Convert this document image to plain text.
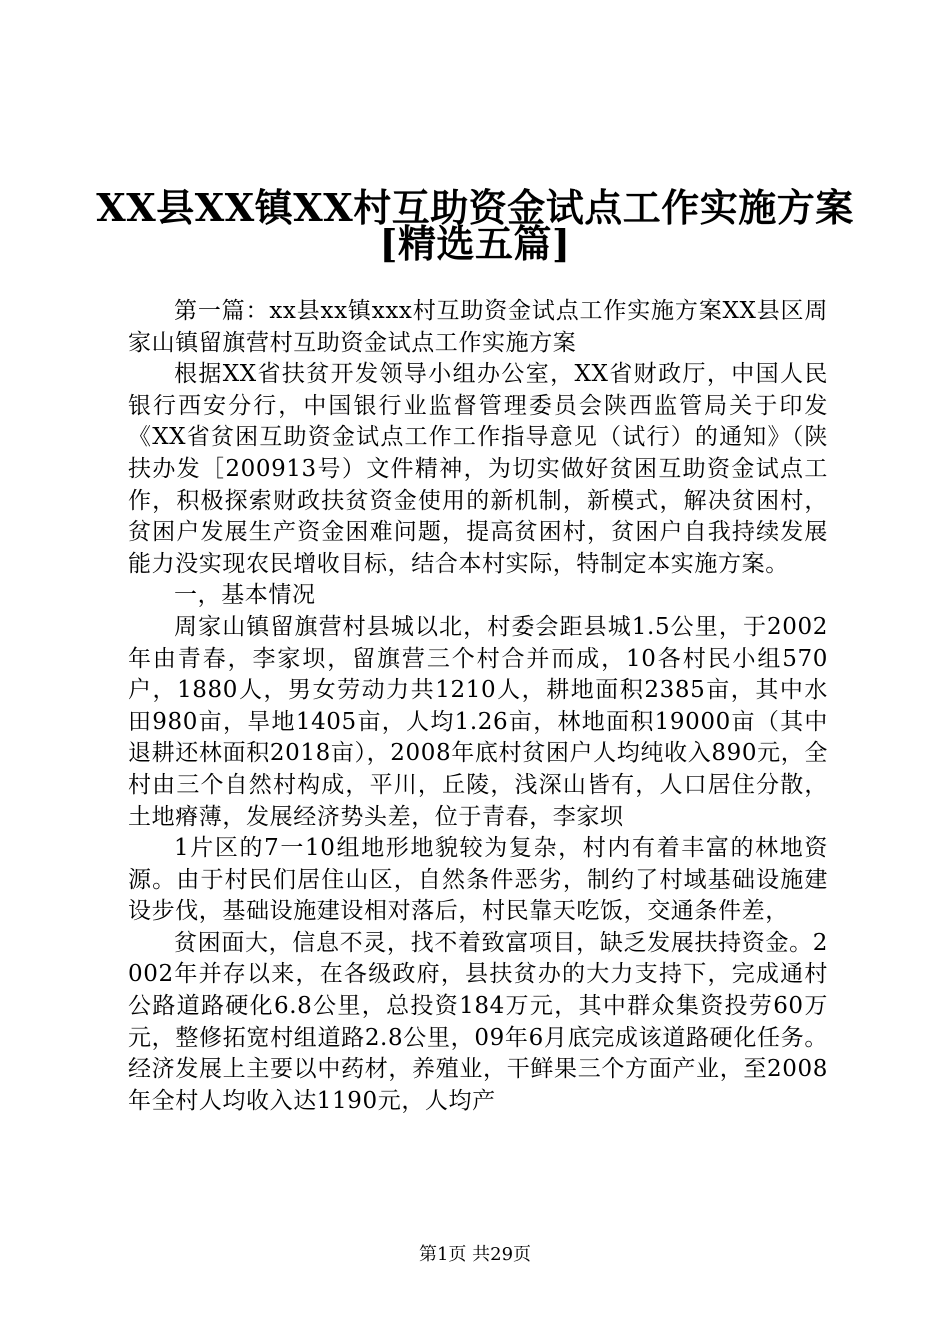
XX县XX镇XX村互助资金试点工作实施方案
[精选五篇]

第一篇：xx县xx镇xxx村互助资金试点工作实施方案XX县区周家山镇留旗营村互助资金试点工作实施方案

根据XX省扶贫开发领导小组办公室，XX省财政厅，中国人民银行西安分行，中国银行业监督管理委员会陕西监管局关于印发《XX省贫困互助资金试点工作工作指导意见（试行）的通知》（陕扶办发［200913号）文件精神，为切实做好贫困互助资金试点工作，积极探索财政扶贫资金使用的新机制，新模式，解决贫困村，贫困户发展生产资金困难问题，提高贫困村，贫困户自我持续发展能力没实现农民增收目标，结合本村实际，特制定本实施方案。

一，基本情况

周家山镇留旗营村县城以北，村委会距县城1.5公里，于2002年由青春，李家坝，留旗营三个村合并而成，10各村民小组570户，1880人，男女劳动力共1210人，耕地面积2385亩，其中水田980亩，旱地1405亩，人均1.26亩，林地面积19000亩（其中退耕还林面积2018亩），2008年底村贫困户人均纯收入890元，全村由三个自然村构成，平川，丘陵，浅深山皆有，人口居住分散，土地瘠薄，发展经济势头差，位于青春，李家坝

1片区的7一10组地形地貌较为复杂，村内有着丰富的林地资源。由于村民们居住山区，自然条件恶劣，制约了村域基础设施建设步伐，基础设施建设相对落后，村民靠天吃饭，交通条件差，

贫困面大，信息不灵，找不着致富项目，缺乏发展扶持资金。2002年并存以来，在各级政府，县扶贫办的大力支持下，完成通村公路道路硬化6.8公里，总投资184万元，其中群众集资投劳60万元，整修拓宽村组道路2.8公里，09年6月底完成该道路硬化任务。经济发展上主要以中药材，养殖业，干鲜果三个方面产业，至2008年全村人均收入达1190元，人均产

第1页 共29页
